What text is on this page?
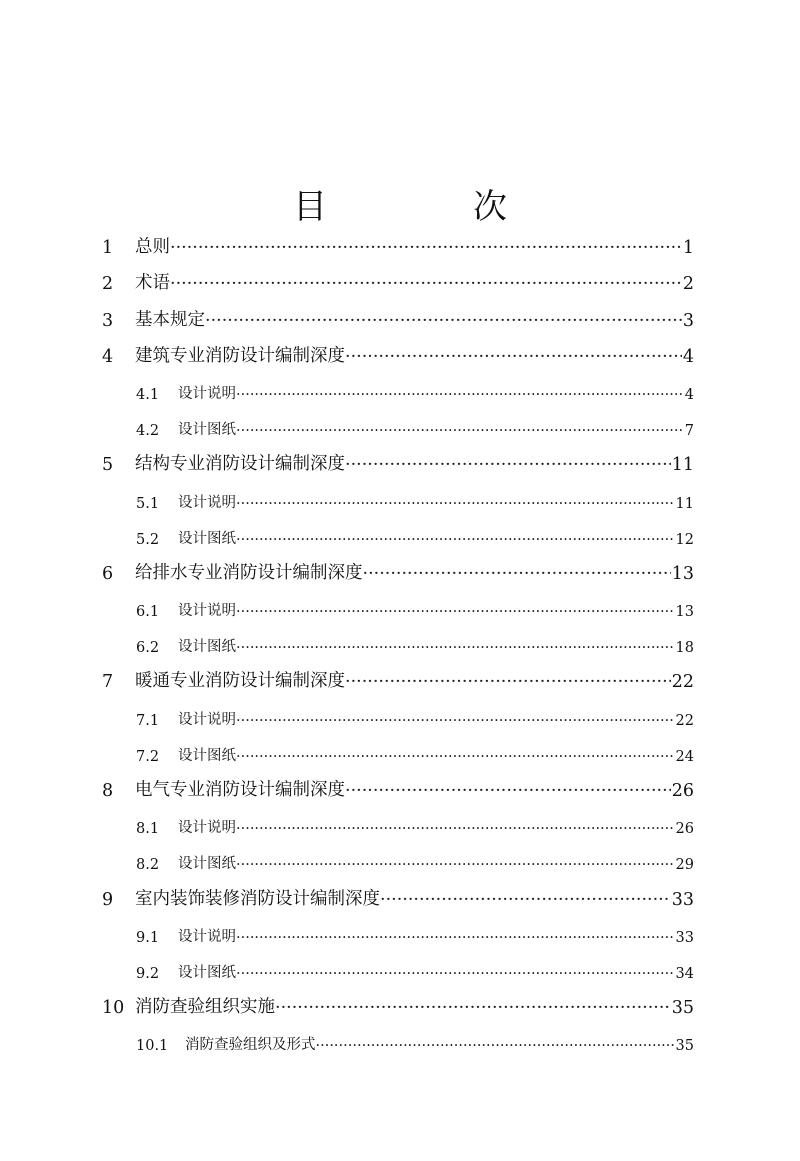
目　次
1	总则 ·····	1
2	术语 ·····	2
3	基本规定 ·····	3
4	建筑专业消防设计编制深度 ·····	4
4.1	设计说明 ·····	4
4.2	设计图纸 ·····	7
5	结构专业消防设计编制深度 ·····	11
5.1	设计说明 ·····	11
5.2	设计图纸 ·····	12
6	给排水专业消防设计编制深度 ·····	13
6.1	设计说明 ·····	13
6.2	设计图纸 ·····	18
7	暖通专业消防设计编制深度 ·····	22
7.1	设计说明 ·····	22
7.2	设计图纸 ·····	24
8	电气专业消防设计编制深度 ·····	26
8.1	设计说明 ·····	26
8.2	设计图纸 ·····	29
9	室内装饰装修消防设计编制深度 ·····	33
9.1	设计说明 ·····	33
9.2	设计图纸 ·····	34
10 消防查验组织实施 ·····	35
10.1	消防查验组织及形式 ·····	35
